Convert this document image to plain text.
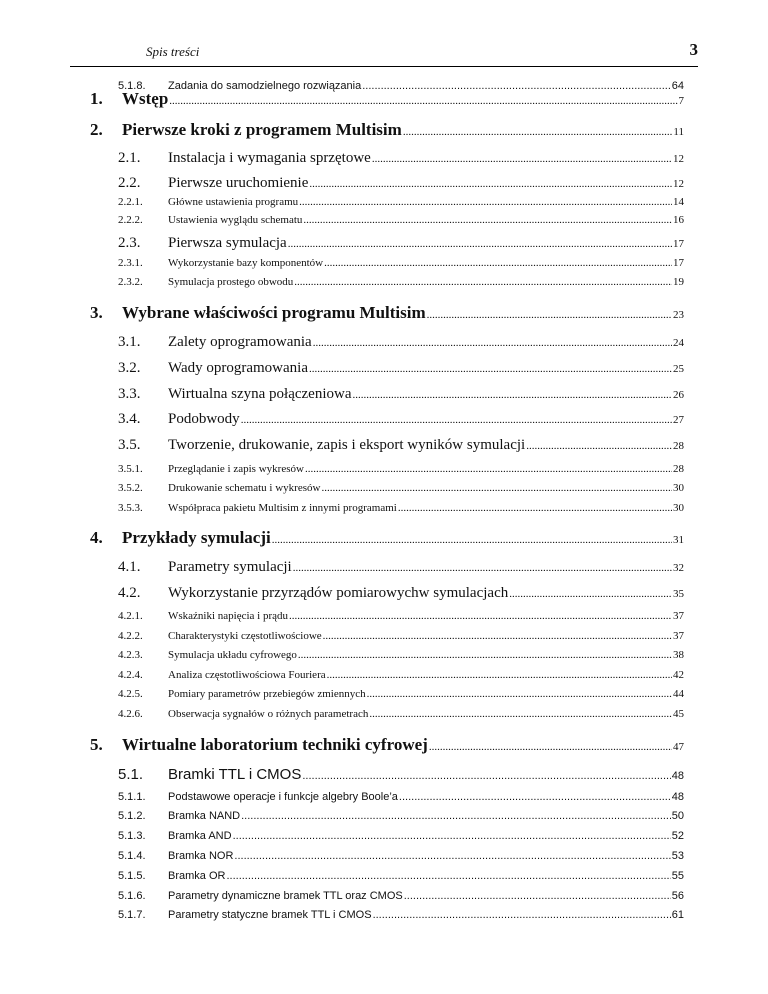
Spis treści	3
1.	Wstęp .....	7
2.	Pierwsze kroki z programem Multisim .....	11
2.1.	Instalacja i wymagania sprzętowe .....	12
2.2.	Pierwsze uruchomienie .....	12
2.2.1.	Główne ustawienia programu .....	14
2.2.2.	Ustawienia wyglądu schematu .....	16
2.3.	Pierwsza symulacja .....	17
2.3.1.	Wykorzystanie bazy komponentów .....	17
2.3.2.	Symulacja prostego obwodu .....	19
3.	Wybrane właściwości programu Multisim .....	23
3.1.	Zalety oprogramowania .....	24
3.2.	Wady oprogramowania .....	25
3.3.	Wirtualna szyna połączeniowa .....	26
3.4.	Podobwody .....	27
3.5.	Tworzenie, drukowanie, zapis i eksport wyników symulacji .....	28
3.5.1.	Przeglądanie i zapis wykresów .....	28
3.5.2.	Drukowanie schematu i wykresów .....	30
3.5.3.	Współpraca pakietu Multisim z innymi programami .....	30
4.	Przykłady symulacji .....	31
4.1.	Parametry symulacji .....	32
4.2.	Wykorzystanie przyrządów pomiarowychw symulacjach .....	35
4.2.1.	Wskaźniki napięcia i prądu .....	37
4.2.2.	Charakterystyki częstotliwościowe .....	37
4.2.3.	Symulacja układu cyfrowego .....	38
4.2.4.	Analiza częstotliwościowa Fouriera .....	42
4.2.5.	Pomiary parametrów przebiegów zmiennych .....	44
4.2.6.	Obserwacja sygnałów o różnych parametrach .....	45
5.	Wirtualne laboratorium techniki cyfrowej .....	47
5.1.	Bramki TTL i CMOS .....	48
5.1.1.	Podstawowe operacje i funkcje algebry Boole’a .....	48
5.1.2.	Bramka NAND .....	50
5.1.3.	Bramka AND .....	52
5.1.4.	Bramka NOR .....	53
5.1.5.	Bramka OR .....	55
5.1.6.	Parametry dynamiczne bramek TTL oraz CMOS .....	56
5.1.7.	Parametry statyczne bramek TTL i CMOS .....	61
5.1.8.	Zadania do samodzielnego rozwiązania .....	64
